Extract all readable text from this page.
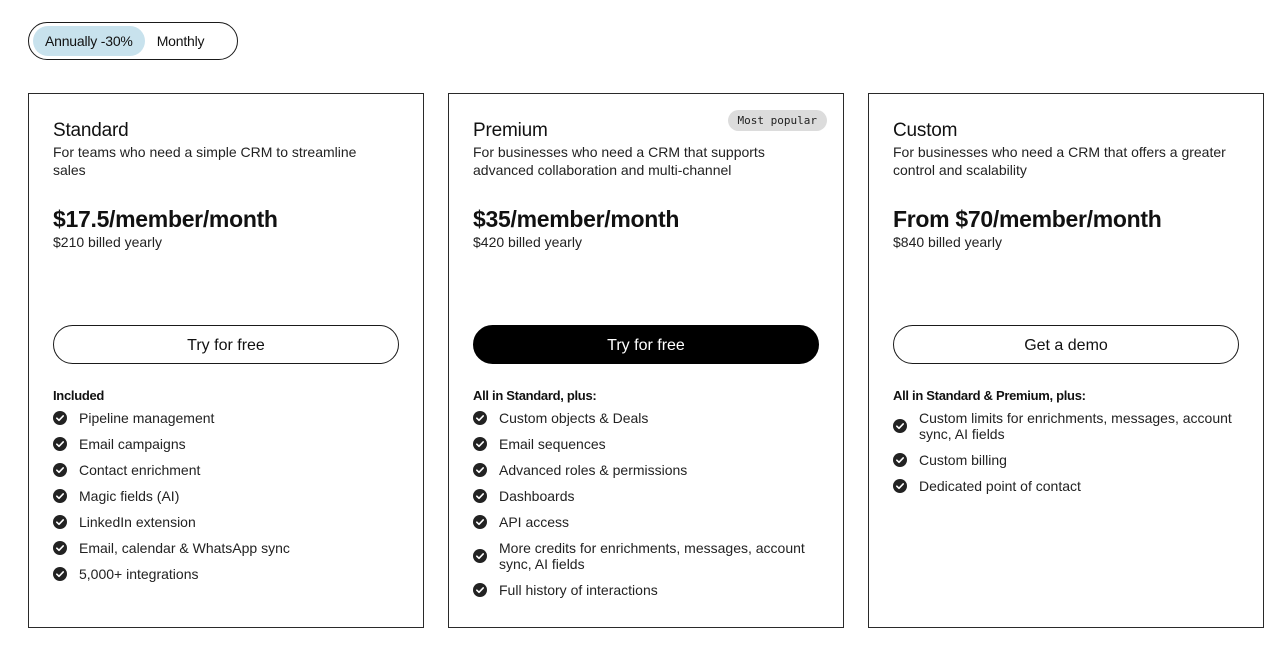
Annually -30%	Monthly
Standard
For teams who need a simple CRM to streamline sales
$17.5/member/month
$210 billed yearly
Try for free
Included
Pipeline management
Email campaigns
Contact enrichment
Magic fields (AI)
LinkedIn extension
Email, calendar & WhatsApp sync
5,000+ integrations
Most popular
Premium
For businesses who need a CRM that supports advanced collaboration and multi-channel
$35/member/month
$420 billed yearly
Try for free
All in Standard, plus:
Custom objects & Deals
Email sequences
Advanced roles & permissions
Dashboards
API access
More credits for enrichments, messages, account sync, AI fields
Full history of interactions
Custom
For businesses who need a CRM that offers a greater control and scalability
From $70/member/month
$840 billed yearly
Get a demo
All in Standard & Premium, plus:
Custom limits for enrichments, messages, account sync, AI fields
Custom billing
Dedicated point of contact
